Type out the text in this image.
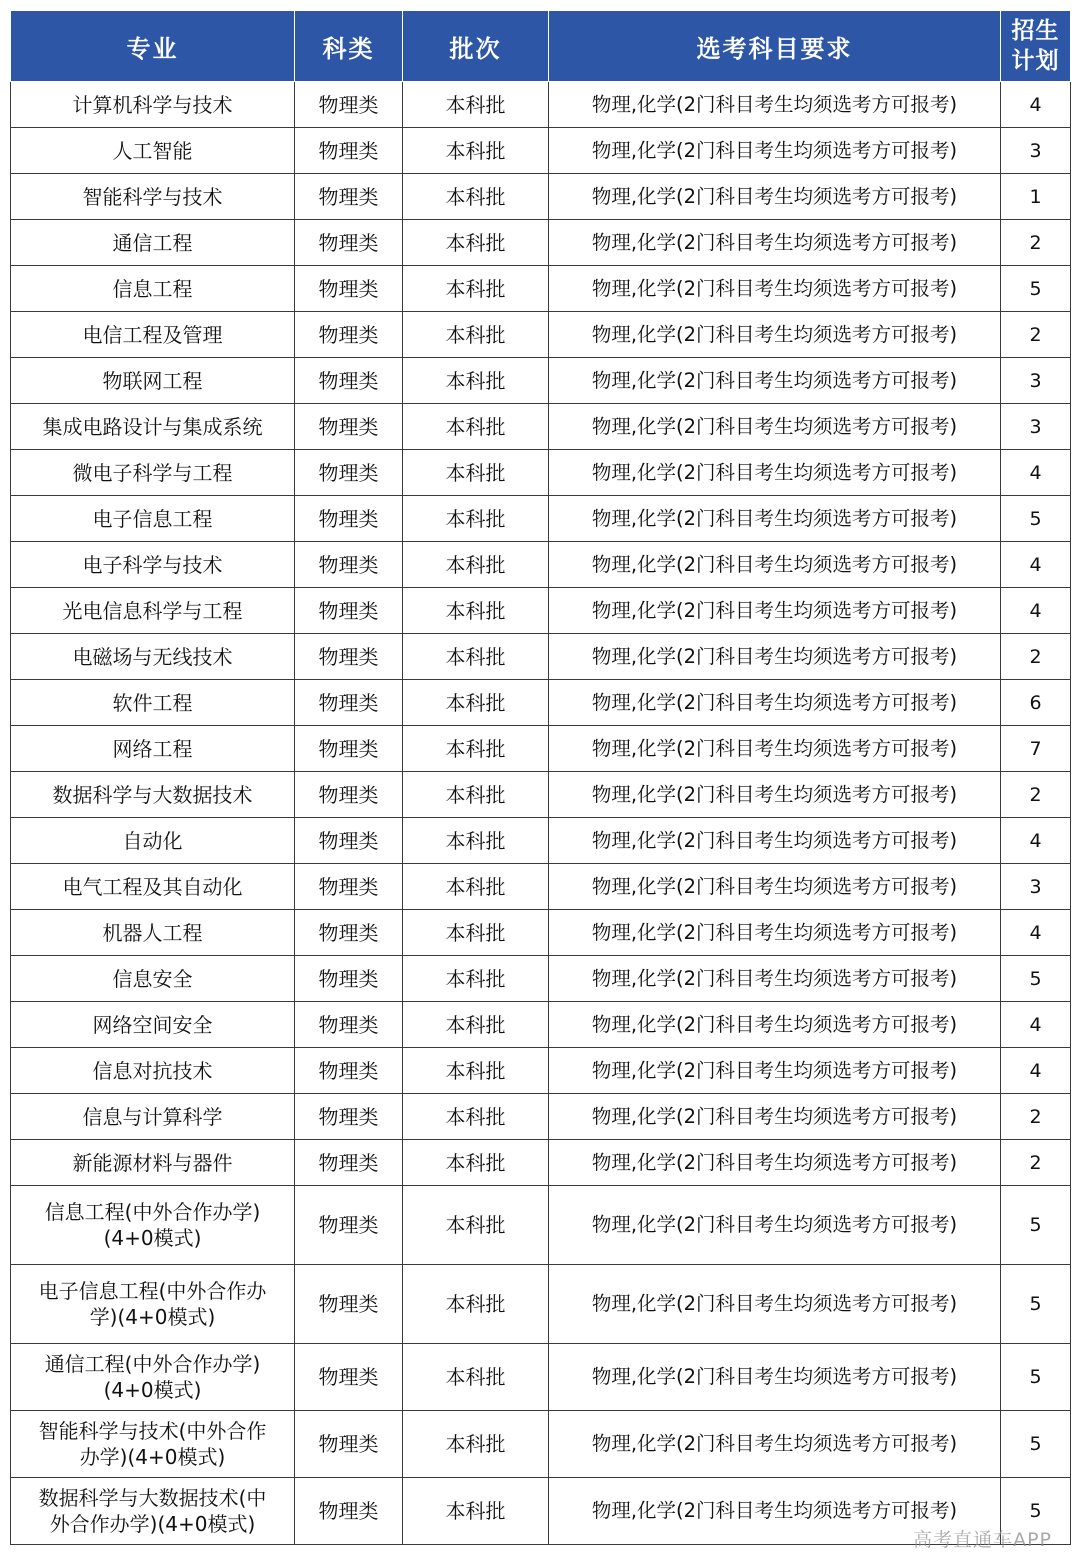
专业	科类	批次	选考科目要求	招生
计划
计算机科学与技术	物理类	本科批	物理,化学(2门科目考生均须选考方可报考)	4
人工智能	物理类	本科批	物理,化学(2门科目考生均须选考方可报考)	3
智能科学与技术	物理类	本科批	物理,化学(2门科目考生均须选考方可报考)	1
通信工程	物理类	本科批	物理,化学(2门科目考生均须选考方可报考)	2
信息工程	物理类	本科批	物理,化学(2门科目考生均须选考方可报考)	5
电信工程及管理	物理类	本科批	物理,化学(2门科目考生均须选考方可报考)	2
物联网工程	物理类	本科批	物理,化学(2门科目考生均须选考方可报考)	3
集成电路设计与集成系统	物理类	本科批	物理,化学(2门科目考生均须选考方可报考)	3
微电子科学与工程	物理类	本科批	物理,化学(2门科目考生均须选考方可报考)	4
电子信息工程	物理类	本科批	物理,化学(2门科目考生均须选考方可报考)	5
电子科学与技术	物理类	本科批	物理,化学(2门科目考生均须选考方可报考)	4
光电信息科学与工程	物理类	本科批	物理,化学(2门科目考生均须选考方可报考)	4
电磁场与无线技术	物理类	本科批	物理,化学(2门科目考生均须选考方可报考)	2
软件工程	物理类	本科批	物理,化学(2门科目考生均须选考方可报考)	6
网络工程	物理类	本科批	物理,化学(2门科目考生均须选考方可报考)	7
数据科学与大数据技术	物理类	本科批	物理,化学(2门科目考生均须选考方可报考)	2
自动化	物理类	本科批	物理,化学(2门科目考生均须选考方可报考)	4
电气工程及其自动化	物理类	本科批	物理,化学(2门科目考生均须选考方可报考)	3
机器人工程	物理类	本科批	物理,化学(2门科目考生均须选考方可报考)	4
信息安全	物理类	本科批	物理,化学(2门科目考生均须选考方可报考)	5
网络空间安全	物理类	本科批	物理,化学(2门科目考生均须选考方可报考)	4
信息对抗技术	物理类	本科批	物理,化学(2门科目考生均须选考方可报考)	4
信息与计算科学	物理类	本科批	物理,化学(2门科目考生均须选考方可报考)	2
新能源材料与器件	物理类	本科批	物理,化学(2门科目考生均须选考方可报考)	2
信息工程(中外合作办学)
(4+0模式)	物理类	本科批	物理,化学(2门科目考生均须选考方可报考)	5
电子信息工程(中外合作办
学)(4+0模式)	物理类	本科批	物理,化学(2门科目考生均须选考方可报考)	5
通信工程(中外合作办学)
(4+0模式)	物理类	本科批	物理,化学(2门科目考生均须选考方可报考)	5
智能科学与技术(中外合作
办学)(4+0模式)	物理类	本科批	物理,化学(2门科目考生均须选考方可报考)	5
数据科学与大数据技术(中
外合作办学)(4+0模式)	物理类	本科批	物理,化学(2门科目考生均须选考方可报考)	5
高考直通车APP
